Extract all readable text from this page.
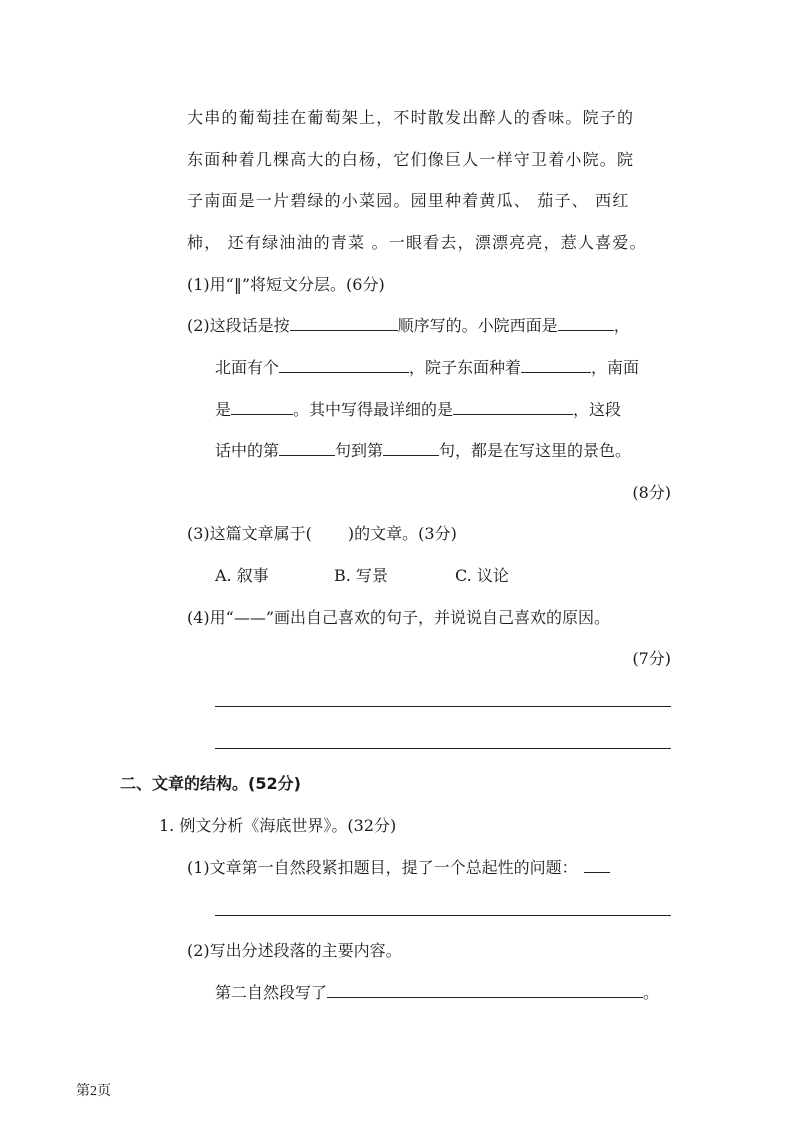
大串的葡萄挂在葡萄架上，不时散发出醉人的香味。院子的
东面种着几棵高大的白杨，它们像巨人一样守卫着小院。院
子南面是一片碧绿的小菜园。园里种着黄瓜、 茄子、 西红
柿， 还有绿油油的青菜 。一眼看去，漂漂亮亮，惹人喜爱。
(1)用“‖”将短文分层。(6分)
(2)这段话是按	顺序写的。小院西面是	，
北面有个	，院子东面种着	，南面
是	。其中写得最详细的是	，这段
话中的第	句到第	句，都是在写这里的景色。
(8分)
(3)这篇文章属于( )的文章。(3分)
A. 叙事	B. 写景	C. 议论
(4)用“——”画出自己喜欢的句子，并说说自己喜欢的原因。
(7分)
二、文章的结构。(52分)
1. 例文分析《海底世界》。(32分)
(1)文章第一自然段紧扣题目，提了一个总起性的问题：
(2)写出分述段落的主要内容。
第二自然段写了	。
第2页
